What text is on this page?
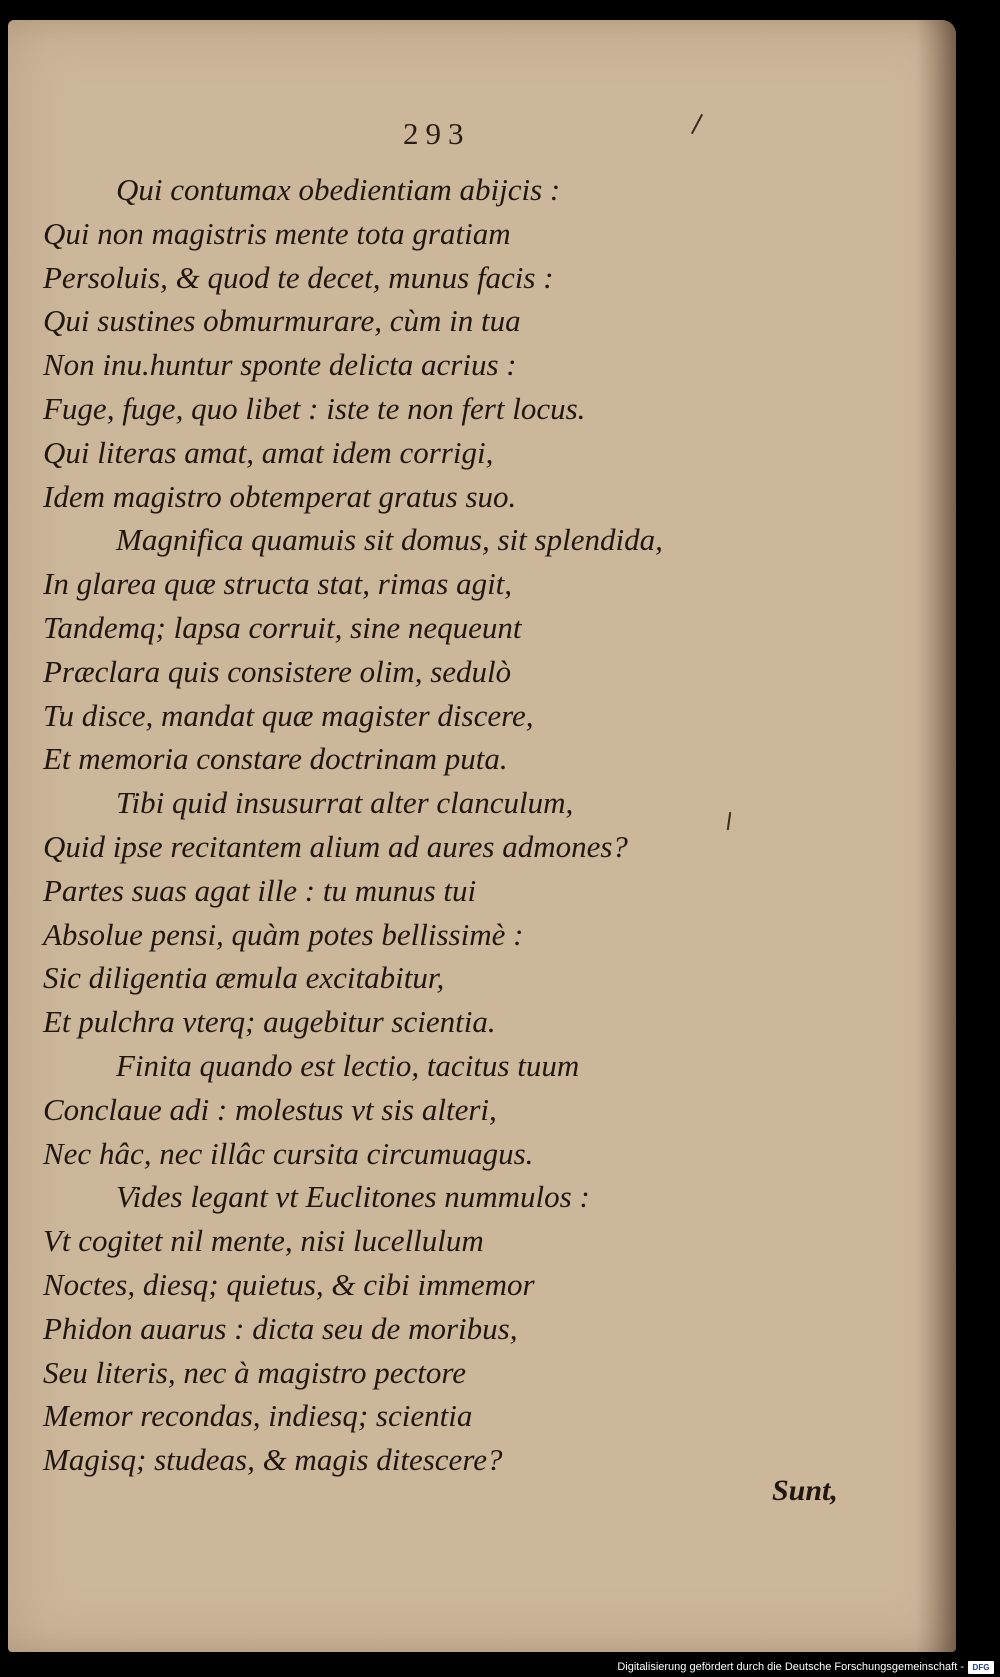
293
Qui contumax obedientiam abijcis :
Qui non magistris mente tota gratiam
Persoluis, & quod te decet, munus facis :
Qui sustines obmurmurare, cùm in tua
Non inu.huntur sponte delicta acrius :
Fuge, fuge, quo libet : iste te non fert locus.
Qui literas amat, amat idem corrigi,
Idem magistro obtemperat gratus suo.
Magnifica quamuis sit domus, sit splendida,
In glarea quæ structa stat, rimas agit,
Tandemq; lapsa corruit, sine nequeunt
Præclara quis consistere olim, sedulò
Tu disce, mandat quæ magister discere,
Et memoria constare doctrinam puta.
Tibi quid insusurrat alter clanculum,
Quid ipse recitantem alium ad aures admones?
Partes suas agat ille : tu munus tui
Absolue pensi, quàm potes bellissimè :
Sic diligentia æmula excitabitur,
Et pulchra vterq; augebitur scientia.
Finita quando est lectio, tacitus tuum
Conclaue adi : molestus vt sis alteri,
Nec hâc, nec illâc cursita circumuagus.
Vides legant vt Euclitones nummulos :
Vt cogitet nil mente, nisi lucellulum
Noctes, diesq; quietus, & cibi immemor
Phidon auarus : dicta seu de moribus,
Seu literis, nec à magistro pectore
Memor recondas, indiesq; scientia
Magisq; studeas, & magis ditescere?
Sunt,
Digitalisierung gefördert durch die Deutsche Forschungsgemeinschaft -	DFG
